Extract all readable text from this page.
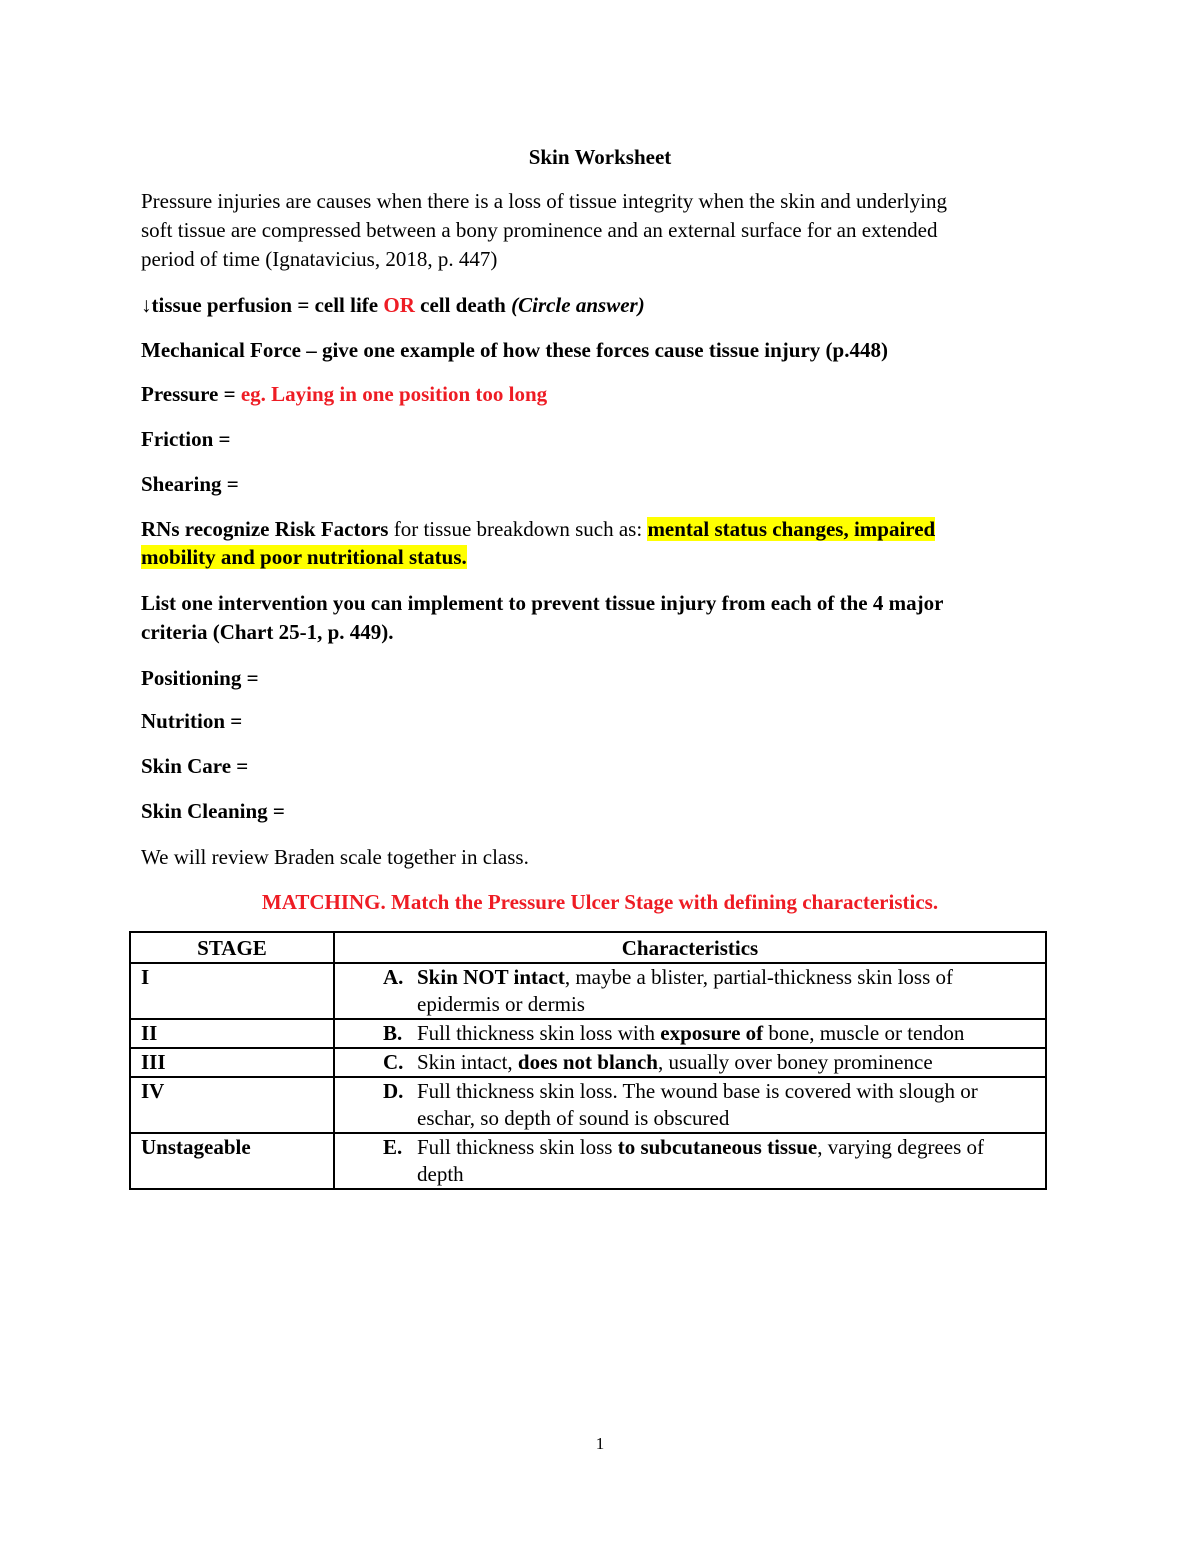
Skin Worksheet
Pressure injuries are causes when there is a loss of tissue integrity when the skin and underlying
soft tissue are compressed between a bony prominence and an external surface for an extended
period of time (Ignatavicius, 2018, p. 447)
↓tissue perfusion = cell life OR cell death (Circle answer)
Mechanical Force – give one example of how these forces cause tissue injury (p.448)
Pressure = eg. Laying in one position too long
Friction =
Shearing =
RNs recognize Risk Factors for tissue breakdown such as: mental status changes, impaired
mobility and poor nutritional status.
List one intervention you can implement to prevent tissue injury from each of the 4 major
criteria (Chart 25-1, p. 449).
Positioning =
Nutrition =
Skin Care =
Skin Cleaning =
We will review Braden scale together in class.
MATCHING. Match the Pressure Ulcer Stage with defining characteristics.
STAGE	Characteristics
I	A. Skin NOT intact, maybe a blister, partial-thickness skin loss of epidermis or dermis

II	B. Full thickness skin loss with exposure of bone, muscle or tendon

III	C. Skin intact, does not blanch, usually over boney prominence

IV	D. Full thickness skin loss. The wound base is covered with slough or eschar, so depth of sound is obscured

Unstageable	E. Full thickness skin loss to subcutaneous tissue, varying degrees of depth
1
